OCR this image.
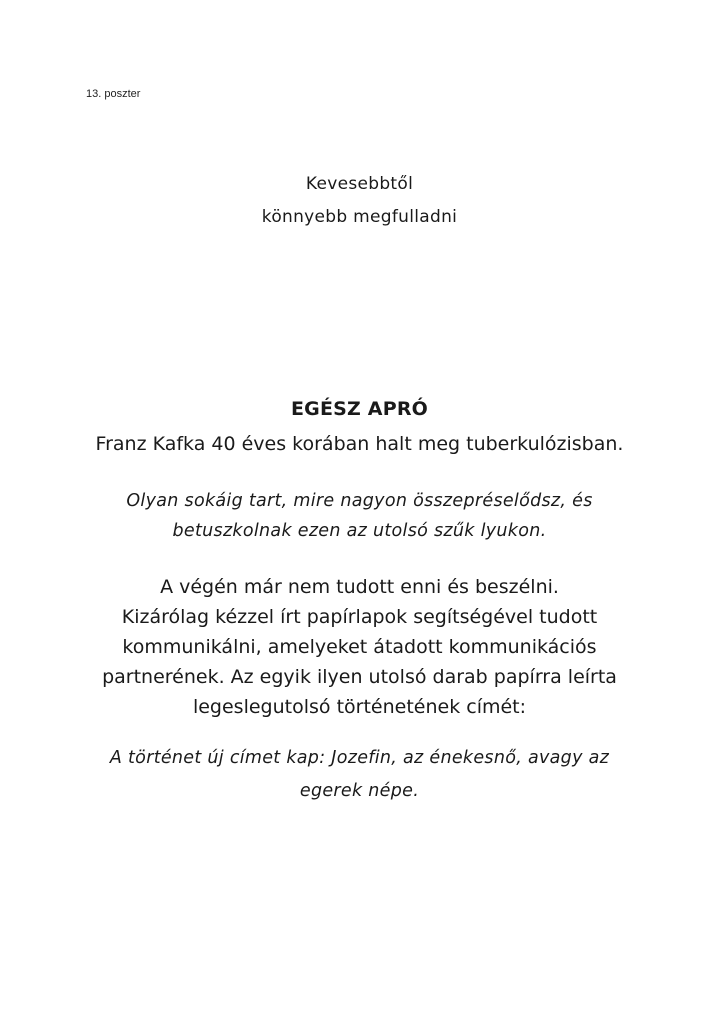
13. poszter
Kevesebbtől
könnyebb megfulladni
EGÉSZ APRÓ

Franz Kafka 40 éves korában halt meg tuberkulózisban.

Olyan sokáig tart, mire nagyon összepréselődsz, és
betuszkolnak ezen az utolsó szűk lyukon.

A végén már nem tudott enni és beszélni.
Kizárólag kézzel írt papírlapok segítségével tudott
kommunikálni, amelyeket átadott kommunikációs
partnerének. Az egyik ilyen utolsó darab papírra leírta
legeslegutolsó történetének címét:

A történet új címet kap: Jozefin, az énekesnő, avagy az
egerek népe.
